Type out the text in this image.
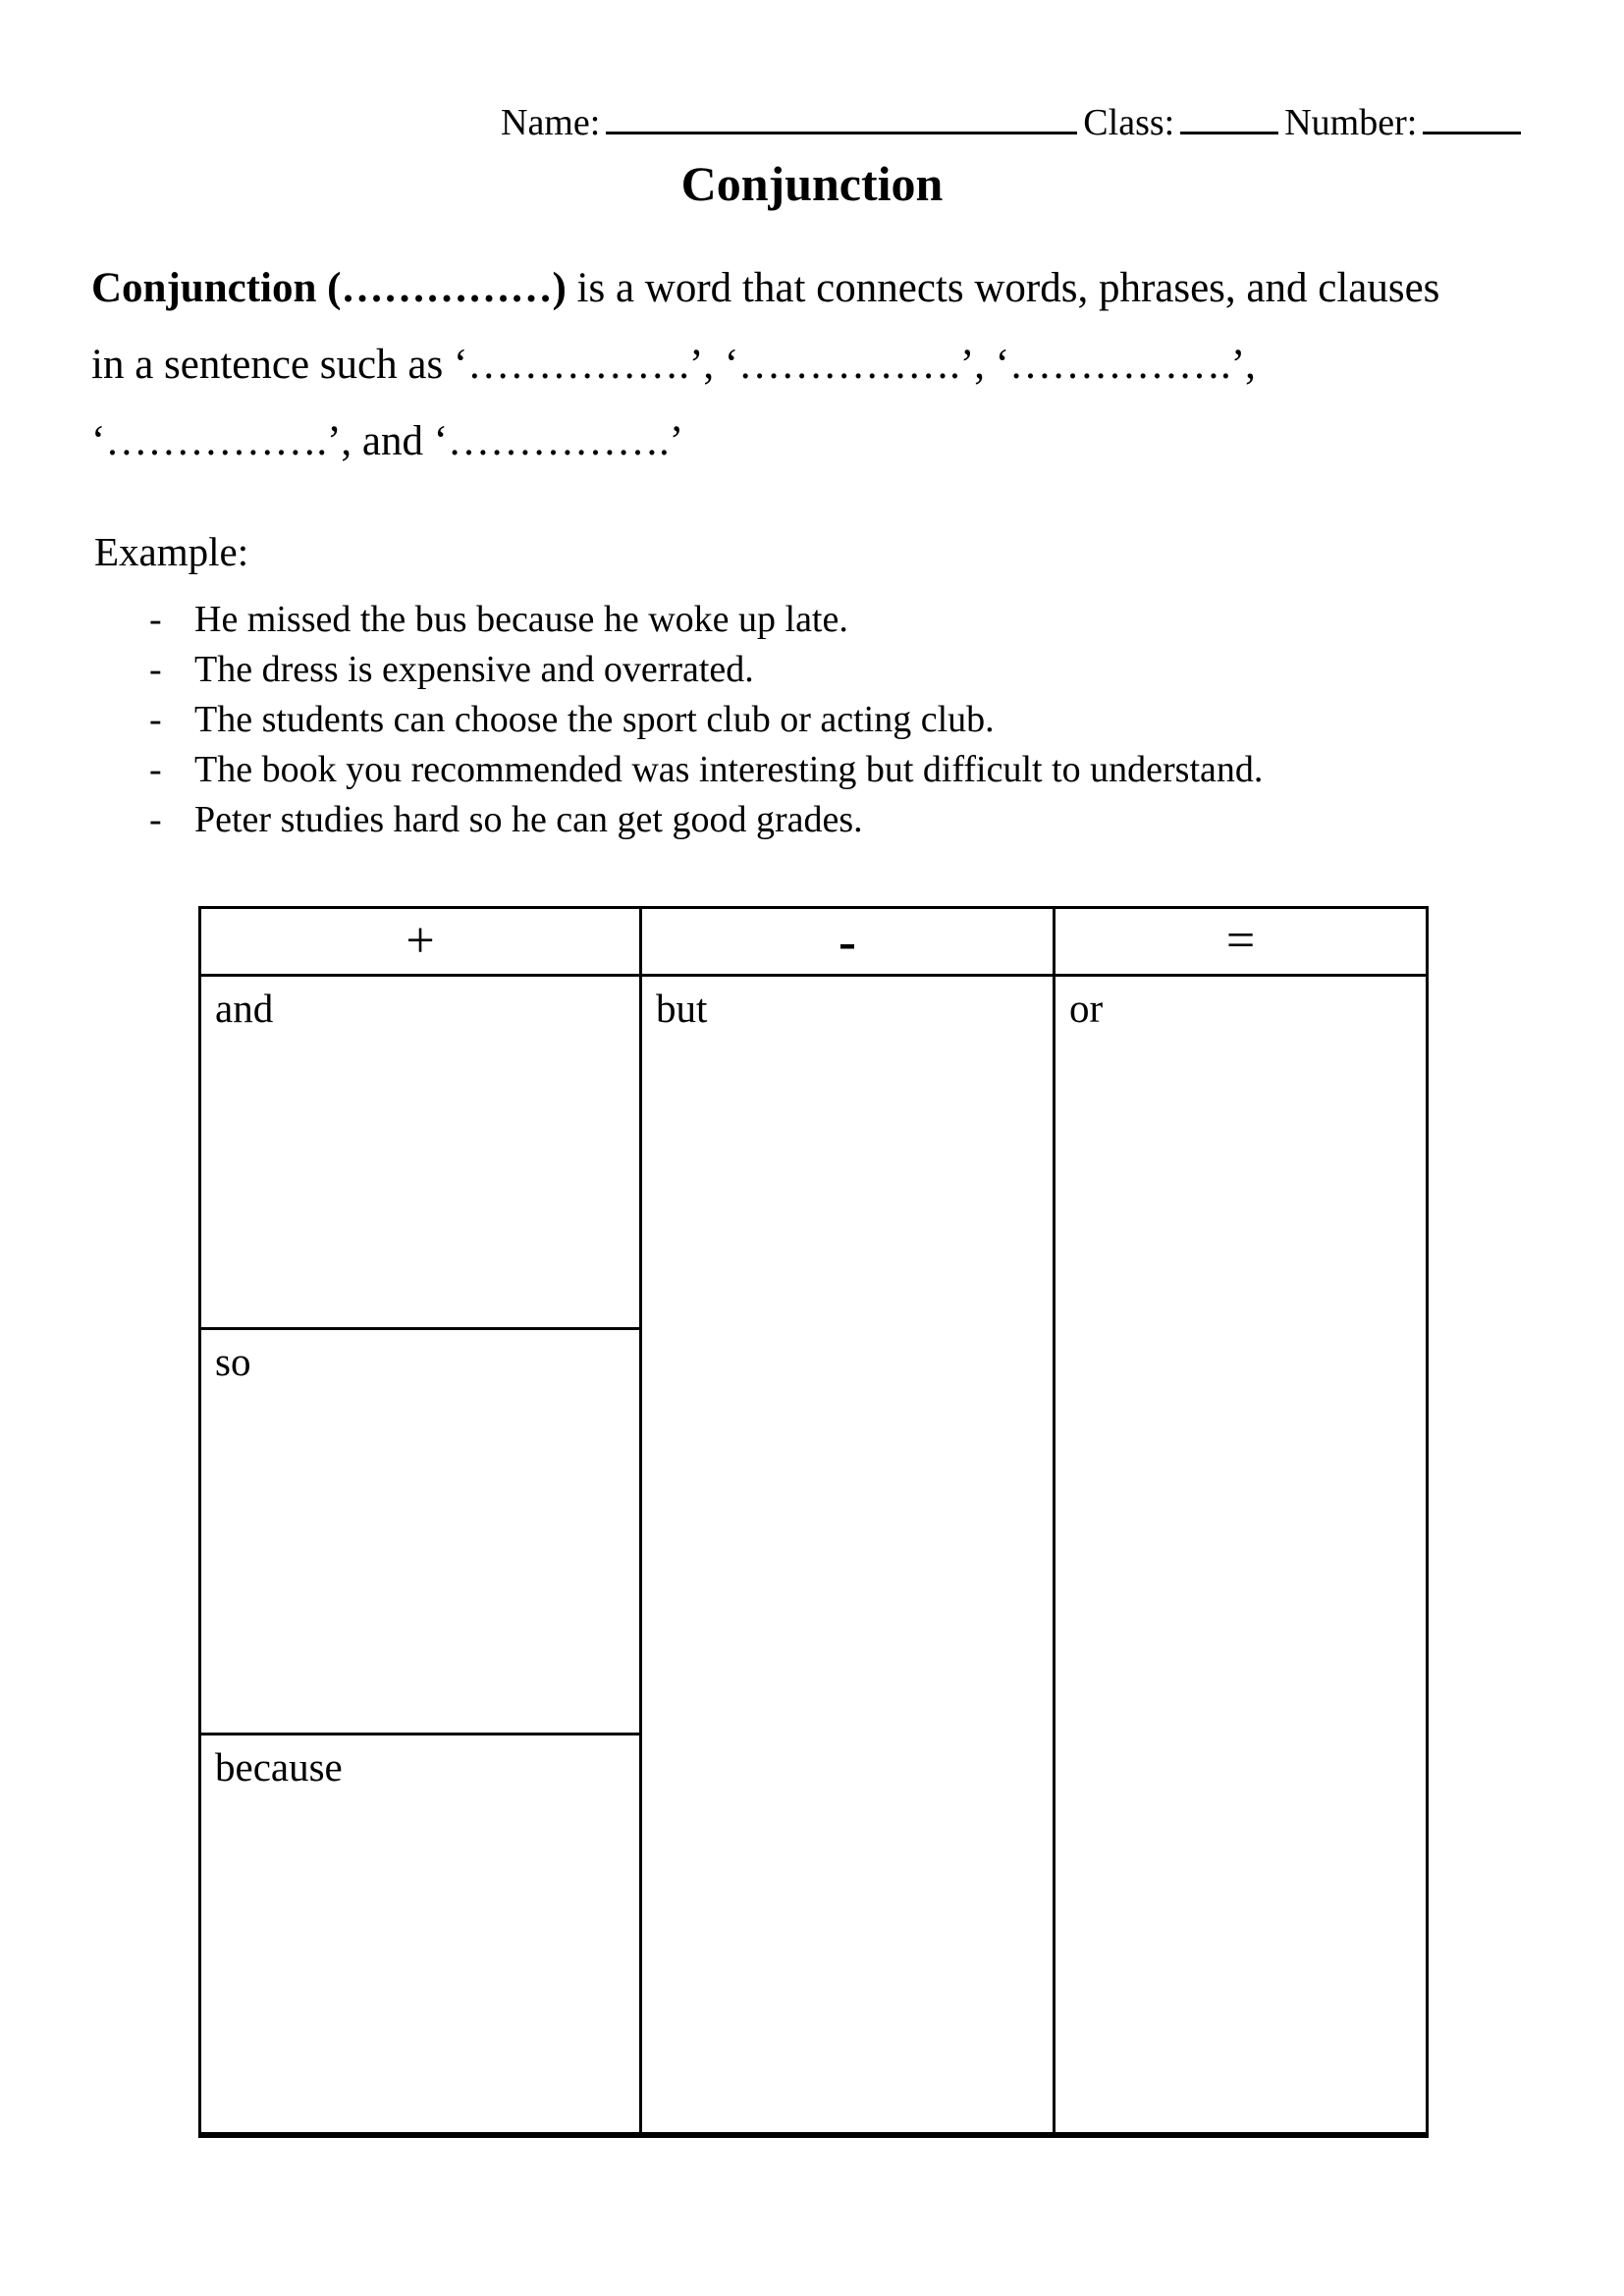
Name:	Class:	Number:
Conjunction
Conjunction (……………) is a word that connects words, phrases, and clauses
in a sentence such as ‘…………….’, ‘…………….’, ‘…………….’,
‘…………….’, and ‘…………….’
Example:
- He missed the bus because he woke up late.
- The dress is expensive and overrated.
- The students can choose the sport club or acting club.
- The book you recommended was interesting but difficult to understand.
- Peter studies hard so he can get good grades.
+	-	=
and	but	or
so		
because		
